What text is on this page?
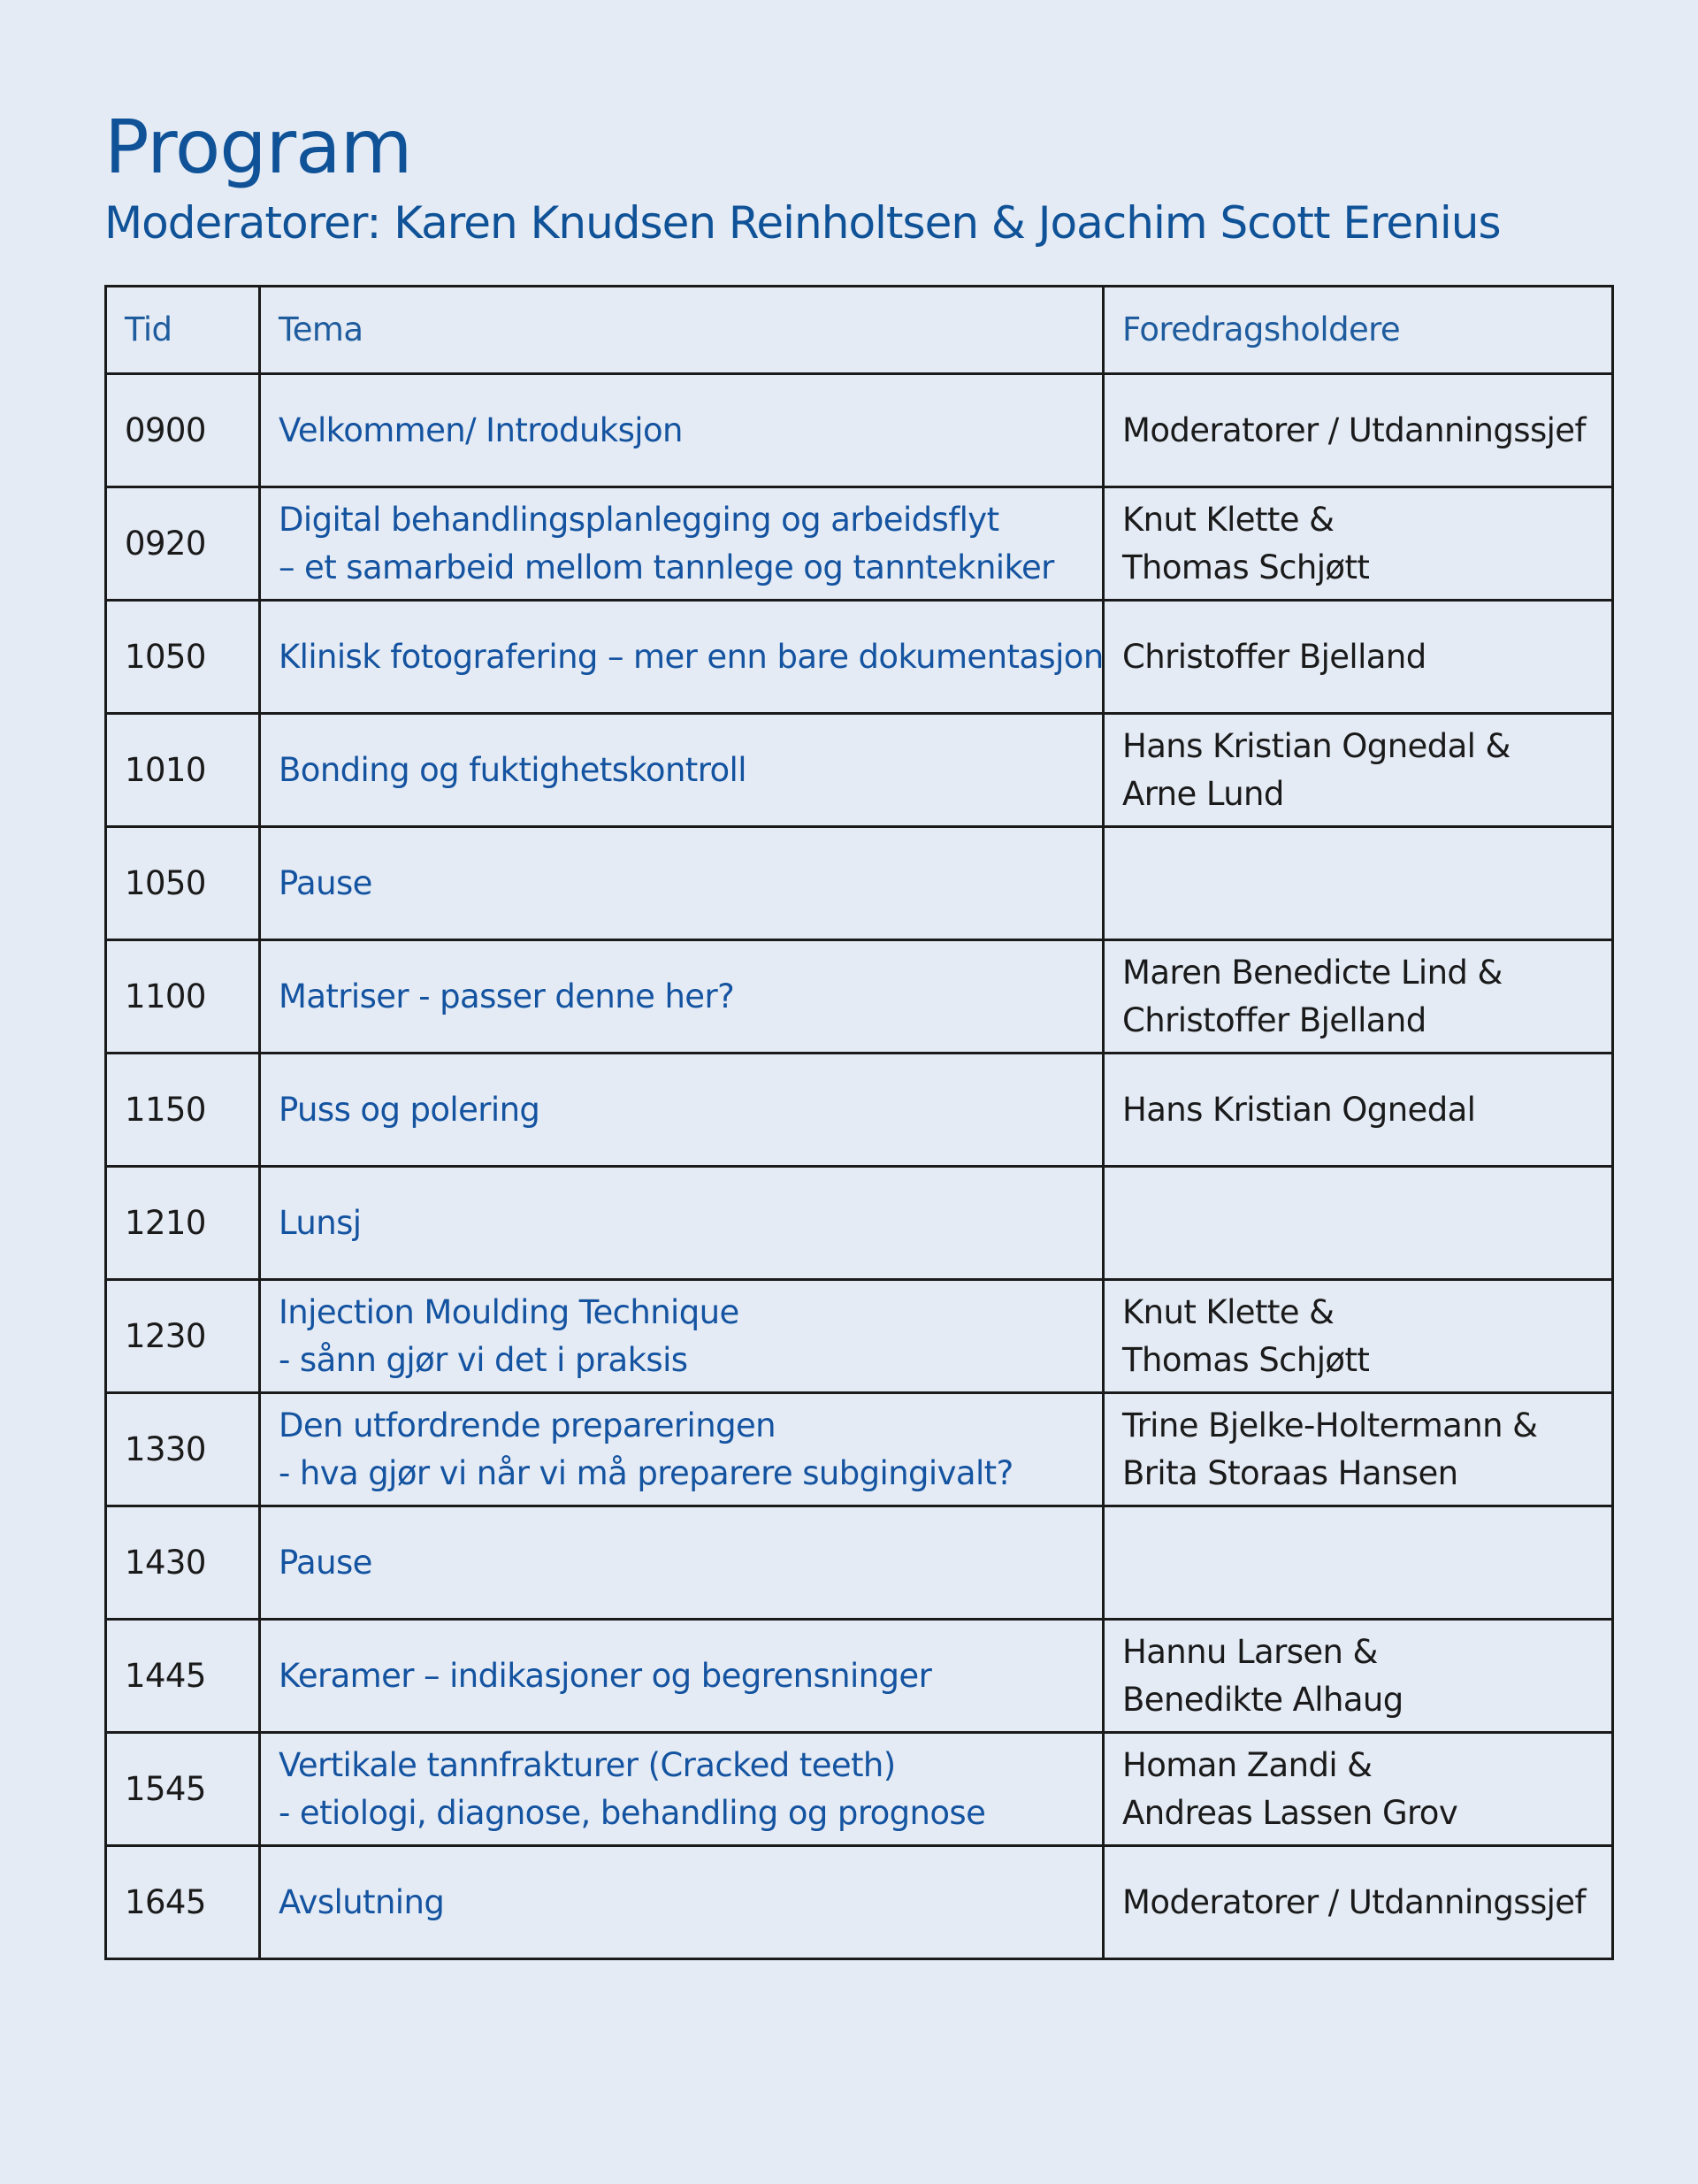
Program
Moderatorer: Karen Knudsen Reinholtsen & Joachim Scott Erenius
Tid	Tema	Foredragsholdere
0900	Velkommen/ Introduksjon	Moderatorer / Utdanningssjef

0920	Digital behandlingsplanlegging og arbeidsflyt
– et samarbeid mellom tannlege og tanntekniker	Knut Klette &
Thomas Schjøtt

1050	Klinisk fotografering – mer enn bare dokumentasjon	Christoffer Bjelland

1010	Bonding og fuktighetskontroll	Hans Kristian Ognedal &
Arne Lund

1050	Pause	

1100	Matriser - passer denne her?	Maren Benedicte Lind &
Christoffer Bjelland

1150	Puss og polering	Hans Kristian Ognedal

1210	Lunsj	

1230	Injection Moulding Technique
- sånn gjør vi det i praksis	Knut Klette &
Thomas Schjøtt

1330	Den utfordrende prepareringen
- hva gjør vi når vi må preparere subgingivalt?	Trine Bjelke-Holtermann &
Brita Storaas Hansen

1430	Pause	

1445	Keramer – indikasjoner og begrensninger	Hannu Larsen &
Benedikte Alhaug

1545	Vertikale tannfrakturer (Cracked teeth)
- etiologi, diagnose, behandling og prognose	Homan Zandi &
Andreas Lassen Grov

1645	Avslutning	Moderatorer / Utdanningssjef
